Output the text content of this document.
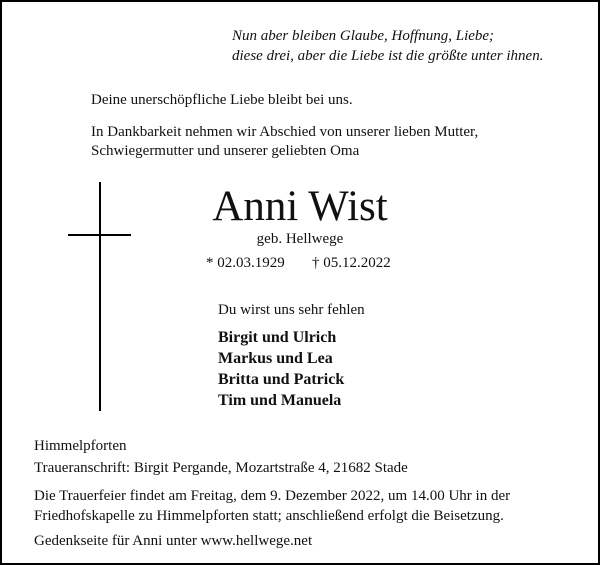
Nun aber bleiben Glaube, Hoffnung, Liebe;
diese drei, aber die Liebe ist die größte unter ihnen.
Deine unerschöpfliche Liebe bleibt bei uns.
In Dankbarkeit nehmen wir Abschied von unserer lieben Mutter,
Schwiegermutter und unserer geliebten Oma
Anni Wist
geb. Hellwege
* 02.03.1929 † 05.12.2022
Du wirst uns sehr fehlen
Birgit und Ulrich
Markus und Lea
Britta und Patrick
Tim und Manuela
Himmelpforten
Traueranschrift: Birgit Pergande, Mozartstraße 4, 21682 Stade
Die Trauerfeier findet am Freitag, dem 9. Dezember 2022, um 14.00 Uhr in der
Friedhofskapelle zu Himmelpforten statt; anschließend erfolgt die Beisetzung.
Gedenkseite für Anni unter www.hellwege.net
